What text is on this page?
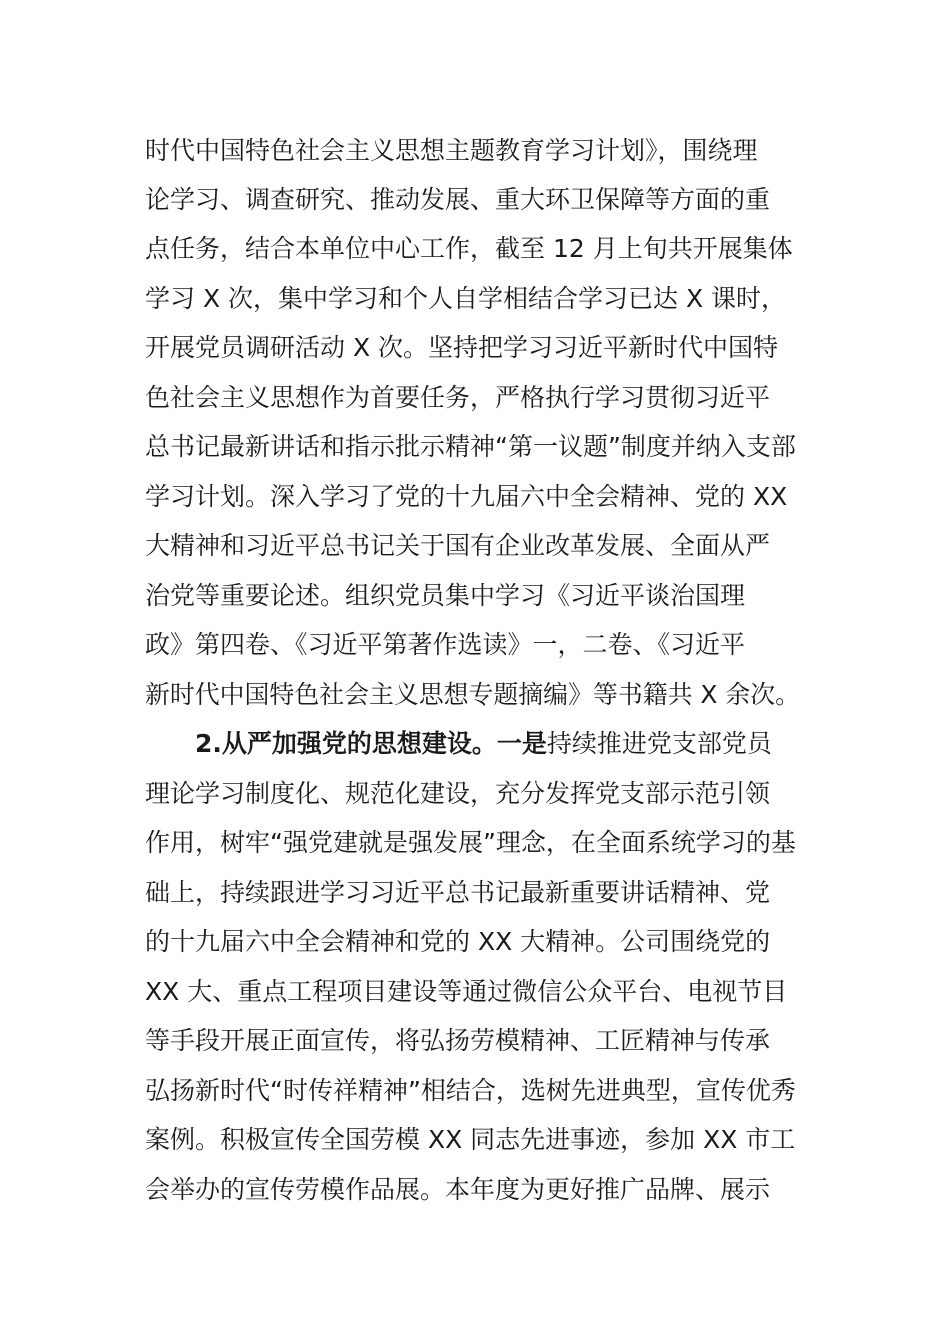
时代中国特色社会主义思想主题教育学习计划》，围绕理
论学习、调查研究、推动发展、重大环卫保障等方面的重
点任务，结合本单位中心工作，截至 12 月上旬共开展集体
学习 X 次，集中学习和个人自学相结合学习已达 X 课时，
开展党员调研活动 X 次。坚持把学习习近平新时代中国特
色社会主义思想作为首要任务，严格执行学习贯彻习近平
总书记最新讲话和指示批示精神“第一议题”制度并纳入支部
学习计划。深入学习了党的十九届六中全会精神、党的 XX
大精神和习近平总书记关于国有企业改革发展、全面从严
治党等重要论述。组织党员集中学习《习近平谈治国理
政》第四卷、《习近平第著作选读》一，二卷、《习近平
新时代中国特色社会主义思想专题摘编》等书籍共 X 余次。
2.从严加强党的思想建设。一是持续推进党支部党员
理论学习制度化、规范化建设，充分发挥党支部示范引领
作用，树牢“强党建就是强发展”理念，在全面系统学习的基
础上，持续跟进学习习近平总书记最新重要讲话精神、党
的十九届六中全会精神和党的 XX 大精神。公司围绕党的
XX 大、重点工程项目建设等通过微信公众平台、电视节目
等手段开展正面宣传，将弘扬劳模精神、工匠精神与传承
弘扬新时代“时传祥精神”相结合，选树先进典型，宣传优秀
案例。积极宣传全国劳模 XX 同志先进事迹，参加 XX 市工
会举办的宣传劳模作品展。本年度为更好推广品牌、展示
